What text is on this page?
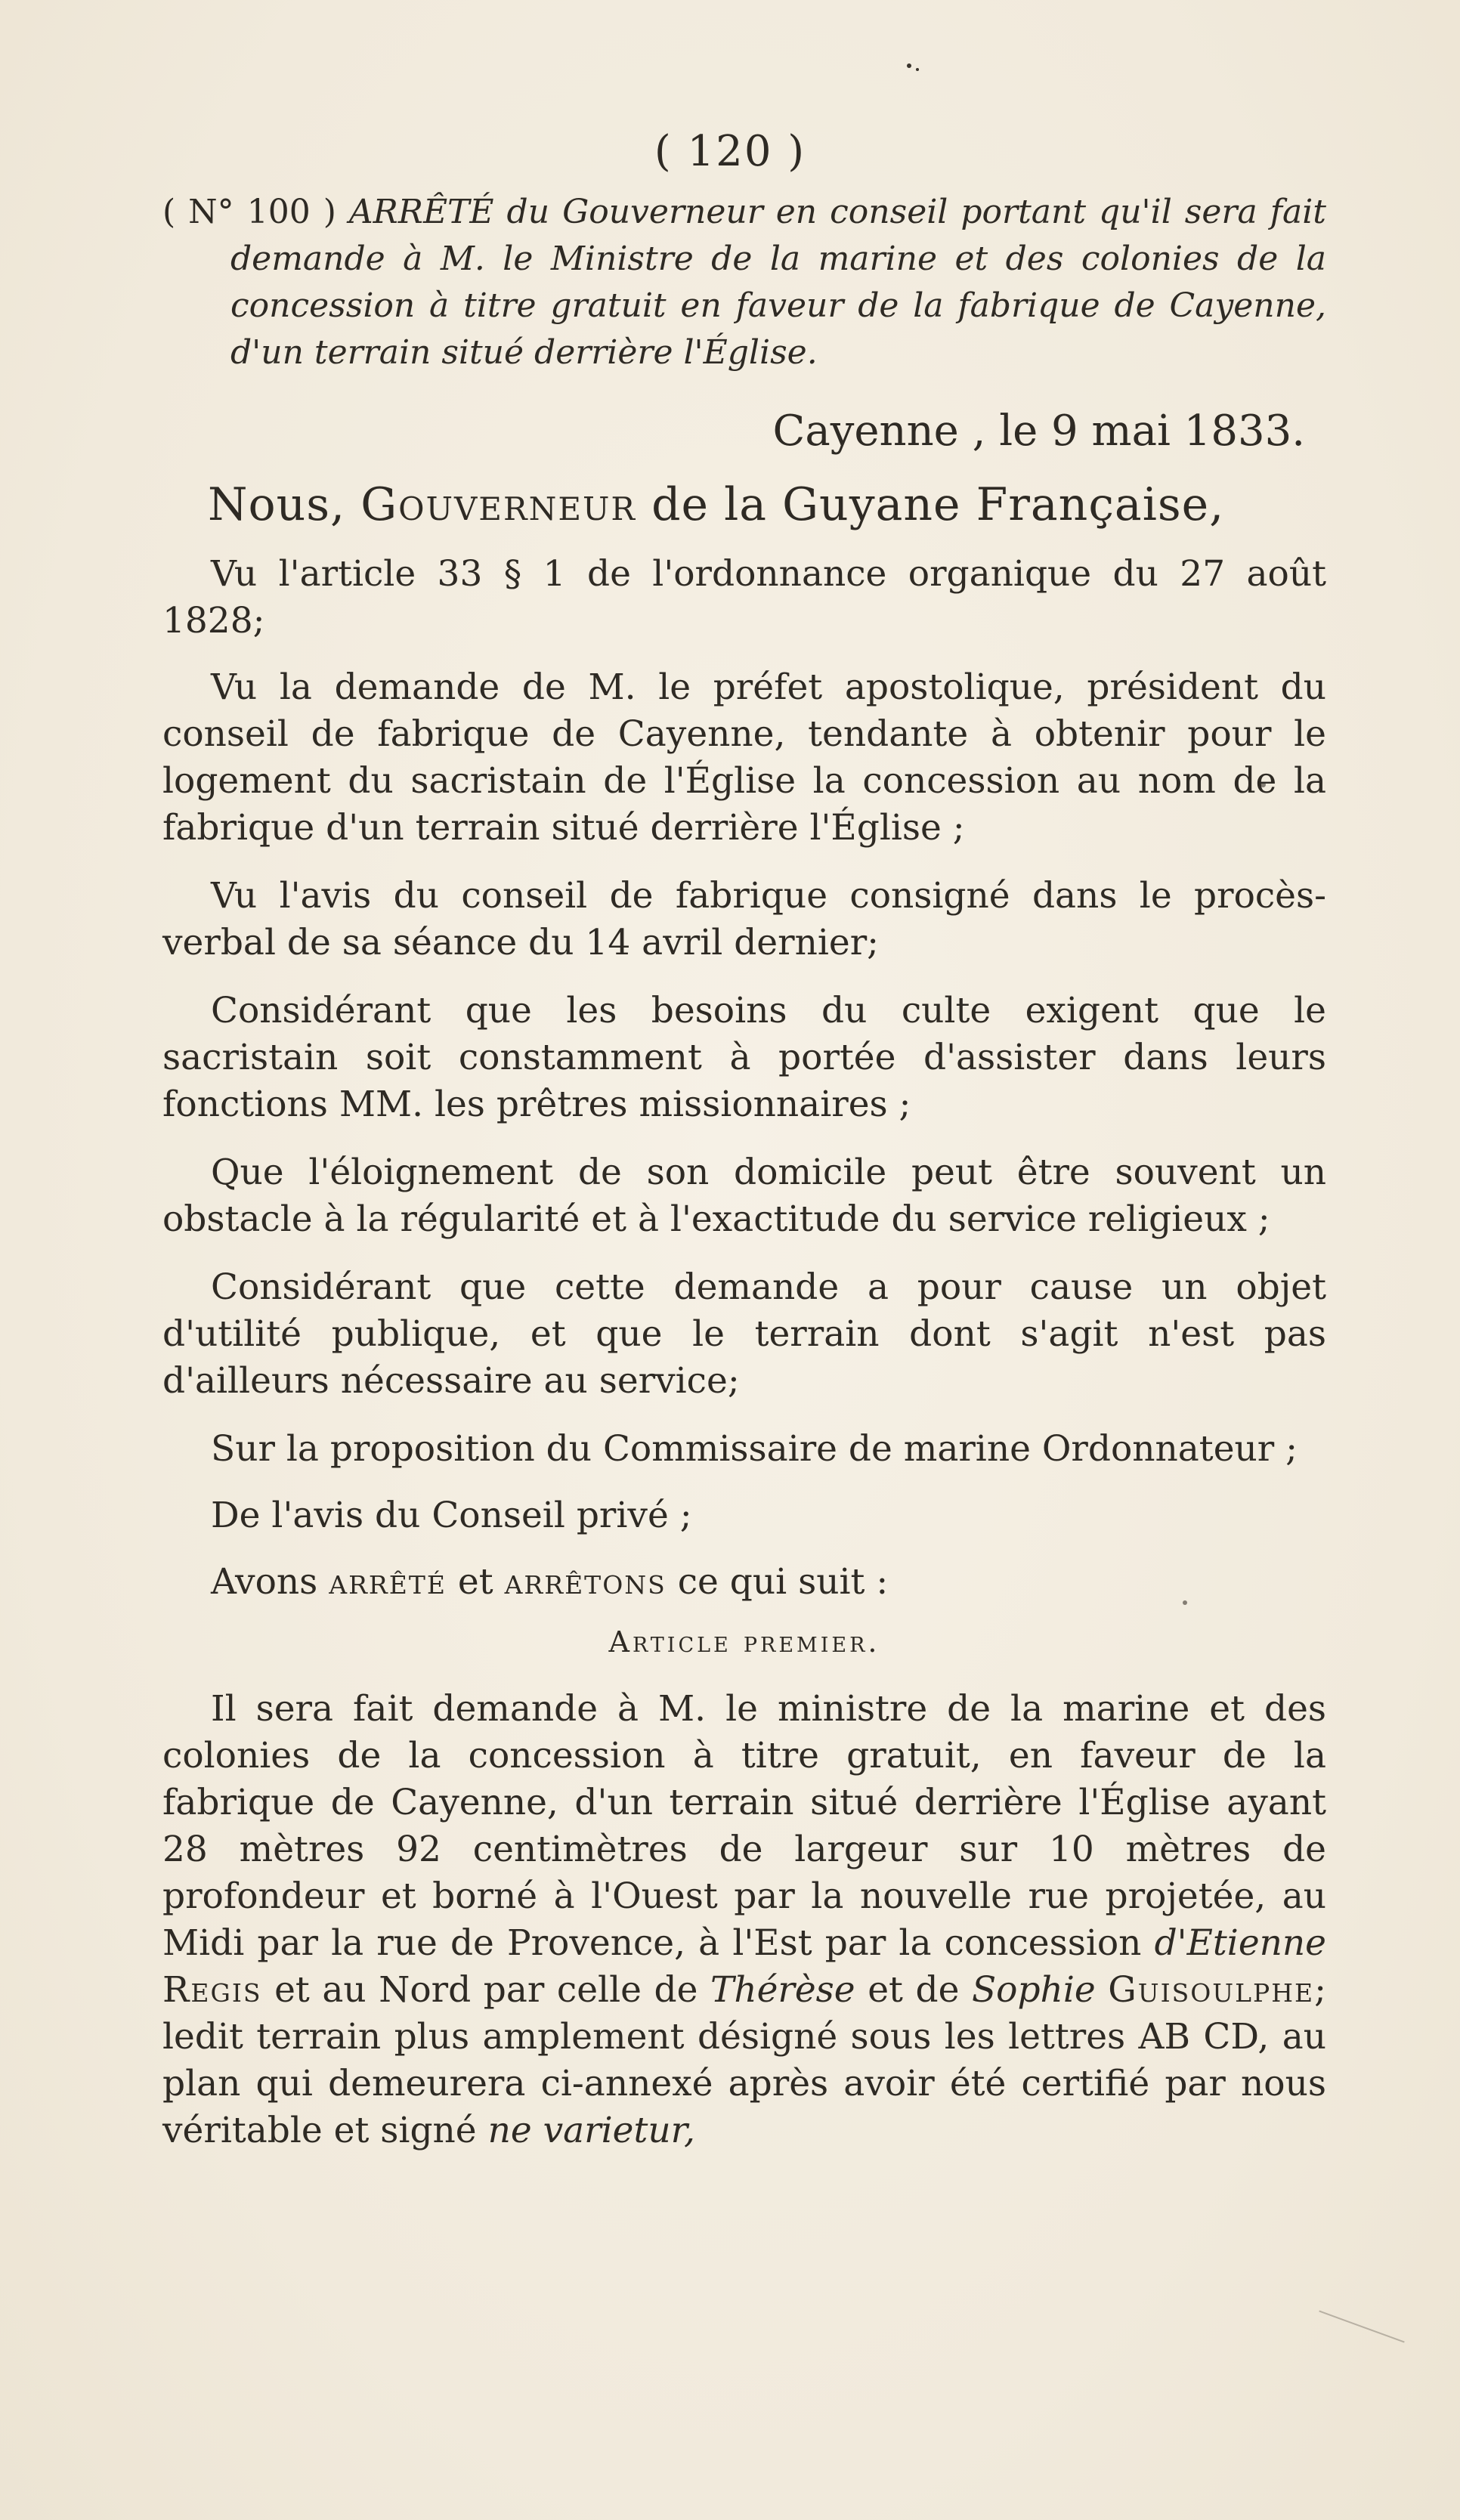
( 120 )

( N° 100 ) ARRÊTÉ du Gouverneur en conseil portant qu'il sera fait demande à M. le Ministre de la marine et des colonies de la concession à titre gratuit en faveur de la fabrique de Cayenne, d'un terrain situé derrière l'Église.

Cayenne , le 9 mai 1833.
Nous, Gouverneur de la Guyane Française,

Vu l'article 33 § 1 de l'ordonnance organique du 27 août 1828;

Vu la demande de M. le préfet apostolique, président du conseil de fabrique de Cayenne, tendante à obtenir pour le logement du sacristain de l'Église la concession au nom de la fabrique d'un terrain situé derrière l'Église ;

Vu l'avis du conseil de fabrique consigné dans le procès-verbal de sa séance du 14 avril dernier;

Considérant que les besoins du culte exigent que le sacristain soit constamment à portée d'assister dans leurs fonctions MM. les prêtres missionnaires ;

Que l'éloignement de son domicile peut être souvent un obstacle à la régularité et à l'exactitude du service religieux ;

Considérant que cette demande a pour cause un objet d'utilité publique, et que le terrain dont s'agit n'est pas d'ailleurs nécessaire au service;

Sur la proposition du Commissaire de marine Ordonnateur ;

De l'avis du Conseil privé ;

Avons arrêté et arrêtons ce qui suit :

Article premier.

Il sera fait demande à M. le ministre de la marine et des colonies de la concession à titre gratuit, en faveur de la fabrique de Cayenne, d'un terrain situé derrière l'Église ayant 28 mètres 92 centimètres de largeur sur 10 mètres de profondeur et borné à l'Ouest par la nouvelle rue projetée, au Midi par la rue de Provence, à l'Est par la concession d'Etienne Regis et au Nord par celle de Thérèse et de Sophie Guisoulphe; ledit terrain plus amplement désigné sous les lettres AB CD, au plan qui demeurera ci-annexé après avoir été certifié par nous véritable et signé ne varietur,
